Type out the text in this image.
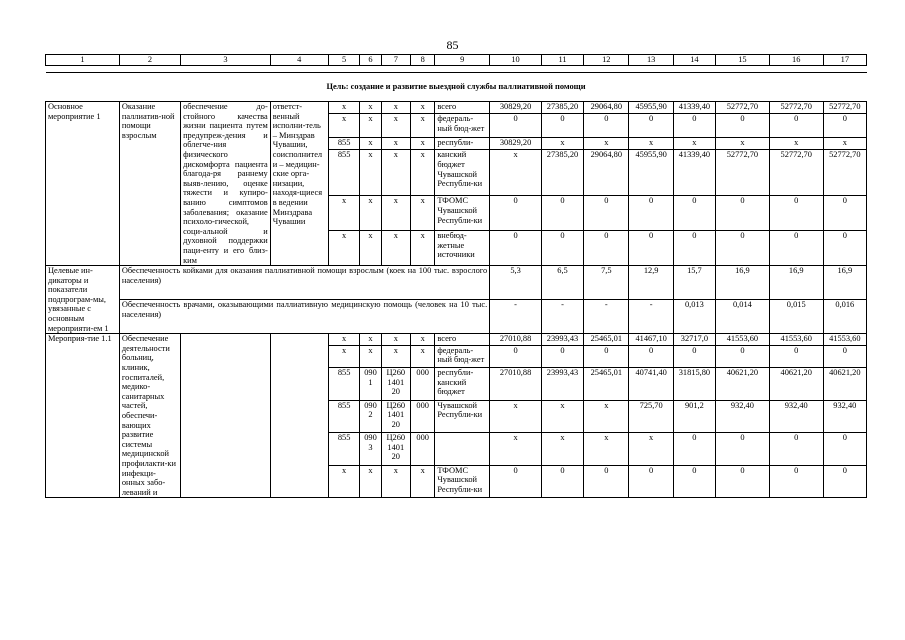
85
1	2	3	4	5	6	7	8	9	10	11	12	13	14	15	16	17

Цель: создание и развитие выездной службы паллиативной помощи																
Основное мероприятие 1	Оказание паллиатив-ной помощи взрослым	обеспечение до-стойного качества жизни пациента путем предупреж-дения и облегче-ния физического дискомфорта пациента благода-ря раннему выяв-лению, оценке тяжести и купиро-ванию симптомов заболевания; оказание психоло-гической, соци-альной и духовной поддержки паци-енту и его близ-ким	ответст-венный исполни-тель – Минздрав Чувашии, соисполнители – медицин-ские орга-низации, находя-щиеся в ведении Минздрава Чувашии	x	x	x	x	всего	30829,20	27385,20	29064,80	45955,90	41339,40	52772,70	52772,70	52772,70
				x	x	x	x	федераль-ный бюд-жет	0	0	0	0	0	0	0	0
				855	x	x	x	республи-	30829,20	x	x	x	x	x	x	x
				855	x	x	x	канский бюджет Чувашской Республи-ки	x	27385,20	29064,80	45955,90	41339,40	52772,70	52772,70	52772,70
				x	x	x	x	ТФОМС Чувашской Республи-ки	0	0	0	0	0	0	0	0
				x	x	x	x	внебюд-жетные источники	0	0	0	0	0	0	0	0
Целевые ин-дикаторы и показатели подпрограм-мы, увязанные с основным мероприяти-ем 1	Обеспеченность койками для оказания паллиативной помощи взрослым (коек на 100 тыс. взрослого населения)								5,3	6,5	7,5	12,9	15,7	16,9	16,9	16,9
	Обеспеченность врачами, оказывающими паллиативную медицинскую помощь (человек на 10 тыс. населения)								-	-	-	-	0,013	0,014	0,015	0,016
Мероприя-тие 1.1	Обеспечение деятельности больниц, клиник, госпиталей, медико-санитарных частей, обеспечи-вающих развитие системы медицинской профилакти-ки инфекци-онных забо-леваний и			x	x	x	x	всего	27010,88	23993,43	25465,01	41467,10	32717,0	41553,60	41553,60	41553,60
				x	x	x	x	федераль-ный бюд-жет	0	0	0	0	0	0	0	0
				855	0901	Ц260 1401 20	000	республи-канский бюджет	27010,88	23993,43	25465,01	40741,40	31815,80	40621,20	40621,20	40621,20
				855	0902	Ц260 1401 20	000	Чувашской Республи-ки	x	x	x	725,70	901,2	932,40	932,40	932,40
				855	0903	Ц260 1401 20	000		x	x	x	x	0	0	0	0
				x	x	x	x	ТФОМС Чувашской Республи-ки	0	0	0	0	0	0	0	0
